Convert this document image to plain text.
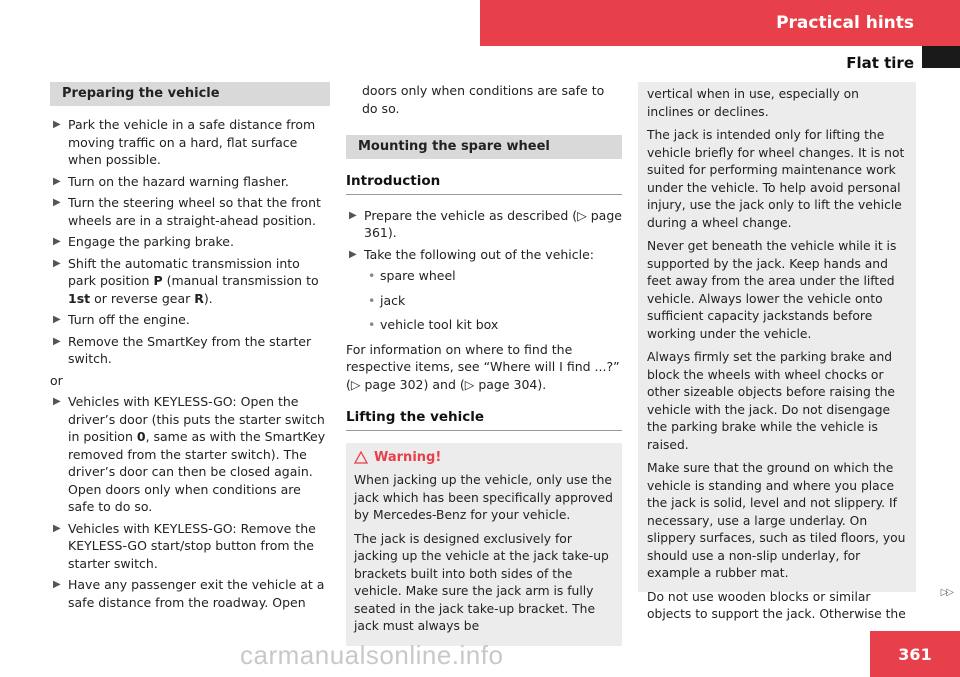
Practical hints
Flat tire
Preparing the vehicle
▶ Park the vehicle in a safe distance from moving traffic on a hard, flat surface when possible.
▶ Turn on the hazard warning flasher.
▶ Turn the steering wheel so that the front wheels are in a straight-ahead position.
▶ Engage the parking brake.
▶ Shift the automatic transmission into park position P (manual transmission to 1st or reverse gear R).
▶ Turn off the engine.
▶ Remove the SmartKey from the starter switch.
or
▶ Vehicles with KEYLESS-GO: Open the driver’s door (this puts the starter switch in position 0, same as with the SmartKey removed from the starter switch). The driver’s door can then be closed again. Open doors only when conditions are safe to do so.
▶ Vehicles with KEYLESS-GO: Remove the KEYLESS-GO start/stop button from the starter switch.
▶ Have any passenger exit the vehicle at a safe distance from the roadway. Open
doors only when conditions are safe to do so.
Mounting the spare wheel
Introduction
▶ Prepare the vehicle as described (▷ page 361).
▶ Take the following out of the vehicle:
• spare wheel
• jack
• vehicle tool kit box
For information on where to find the respective items, see “Where will I find ...?” (▷ page 302) and (▷ page 304).
Lifting the vehicle
Warning!

When jacking up the vehicle, only use the jack which has been specifically approved by Mercedes-Benz for your vehicle.

The jack is designed exclusively for jacking up the vehicle at the jack take-up brackets built into both sides of the vehicle. Make sure the jack arm is fully seated in the jack take-up bracket. The jack must always be

vertical when in use, especially on inclines or declines.

The jack is intended only for lifting the vehicle briefly for wheel changes. It is not suited for performing maintenance work under the vehicle. To help avoid personal injury, use the jack only to lift the vehicle during a wheel change.

Never get beneath the vehicle while it is supported by the jack. Keep hands and feet away from the area under the lifted vehicle. Always lower the vehicle onto sufficient capacity jackstands before working under the vehicle.

Always firmly set the parking brake and block the wheels with wheel chocks or other sizeable objects before raising the vehicle with the jack. Do not disengage the parking brake while the vehicle is raised.

Make sure that the ground on which the vehicle is standing and where you place the jack is solid, level and not slippery. If necessary, use a large underlay. On slippery surfaces, such as tiled floors, you should use a non-slip underlay, for example a rubber mat.

Do not use wooden blocks or similar objects to support the jack. Otherwise the

▷▷
carmanualsonline.info	361
